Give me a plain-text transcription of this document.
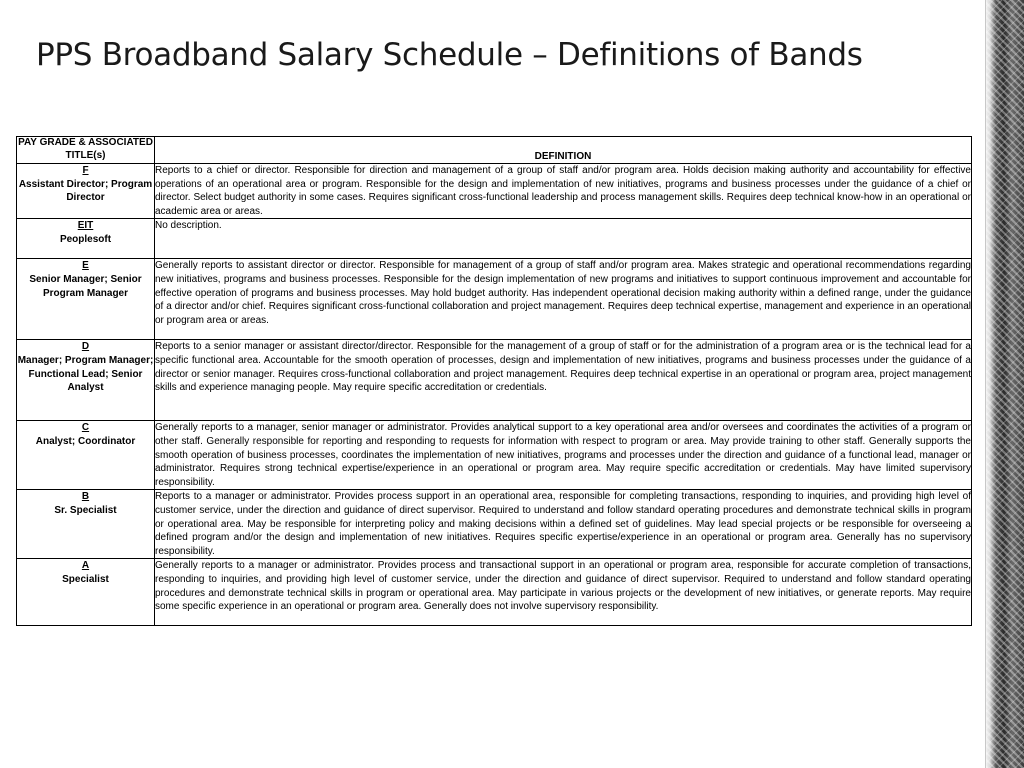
PPS Broadband Salary Schedule – Definitions of Bands
PAY GRADE & ASSOCIATED TITLE(s)	DEFINITION

F
Assistant Director; Program Director	Reports to a chief or director. Responsible for direction and management of a group of staff and/or program area. Holds decision making authority and accountability for effective operations of an operational area or program. Responsible for the design and implementation of new initiatives, programs and business processes under the guidance of a chief or director. Select budget authority in some cases. Requires significant cross-functional leadership and process management skills. Requires deep technical know-how in an operational or academic area or areas.

EIT
Peoplesoft	No description.

E
Senior Manager; Senior Program Manager	Generally reports to assistant director or director. Responsible for management of a group of staff and/or program area. Makes strategic and operational recommendations regarding new initiatives, programs and business processes. Responsible for the design implementation of new programs and initiatives to support continuous improvement and accountable for effective operation of programs and business processes. May hold budget authority. Has independent operational decision making authority within a defined range, under the guidance of a director and/or chief. Requires significant cross-functional collaboration and project management. Requires deep technical expertise, management and experience in an operational or program area or areas.

D
Manager; Program Manager; Functional Lead; Senior Analyst	Reports to a senior manager or assistant director/director. Responsible for the management of a group of staff or for the administration of a program area or is the technical lead for a specific functional area. Accountable for the smooth operation of processes, design and implementation of new initiatives, programs and business processes under the guidance of a director or senior manager. Requires cross-functional collaboration and project management. Requires deep technical expertise in an operational or program area, project management skills and experience managing people. May require specific accreditation or credentials.

C
Analyst; Coordinator	Generally reports to a manager, senior manager or administrator. Provides analytical support to a key operational area and/or oversees and coordinates the activities of a program or other staff. Generally responsible for reporting and responding to requests for information with respect to program or area. May provide training to other staff. Generally supports the smooth operation of business processes, coordinates the implementation of new initiatives, programs and processes under the direction and guidance of a functional lead, manager or administrator. Requires strong technical expertise/experience in an operational or program area. May require specific accreditation or credentials. May have limited supervisory responsibility.

B
Sr. Specialist	Reports to a manager or administrator. Provides process support in an operational area, responsible for completing transactions, responding to inquiries, and providing high level of customer service, under the direction and guidance of direct supervisor. Required to understand and follow standard operating procedures and demonstrate technical skills in program or operational area. May be responsible for interpreting policy and making decisions within a defined set of guidelines. May lead special projects or be responsible for overseeing a defined program and/or the design and implementation of new initiatives. Requires specific expertise/experience in an operational or program area. Generally has no supervisory responsibility.

A
Specialist	Generally reports to a manager or administrator. Provides process and transactional support in an operational or program area, responsible for accurate completion of transactions, responding to inquiries, and providing high level of customer service, under the direction and guidance of direct supervisor. Required to understand and follow standard operating procedures and demonstrate technical skills in program or operational area. May participate in various projects or the development of new initiatives, or generate reports. May require some specific experience in an operational or program area. Generally does not involve supervisory responsibility.
